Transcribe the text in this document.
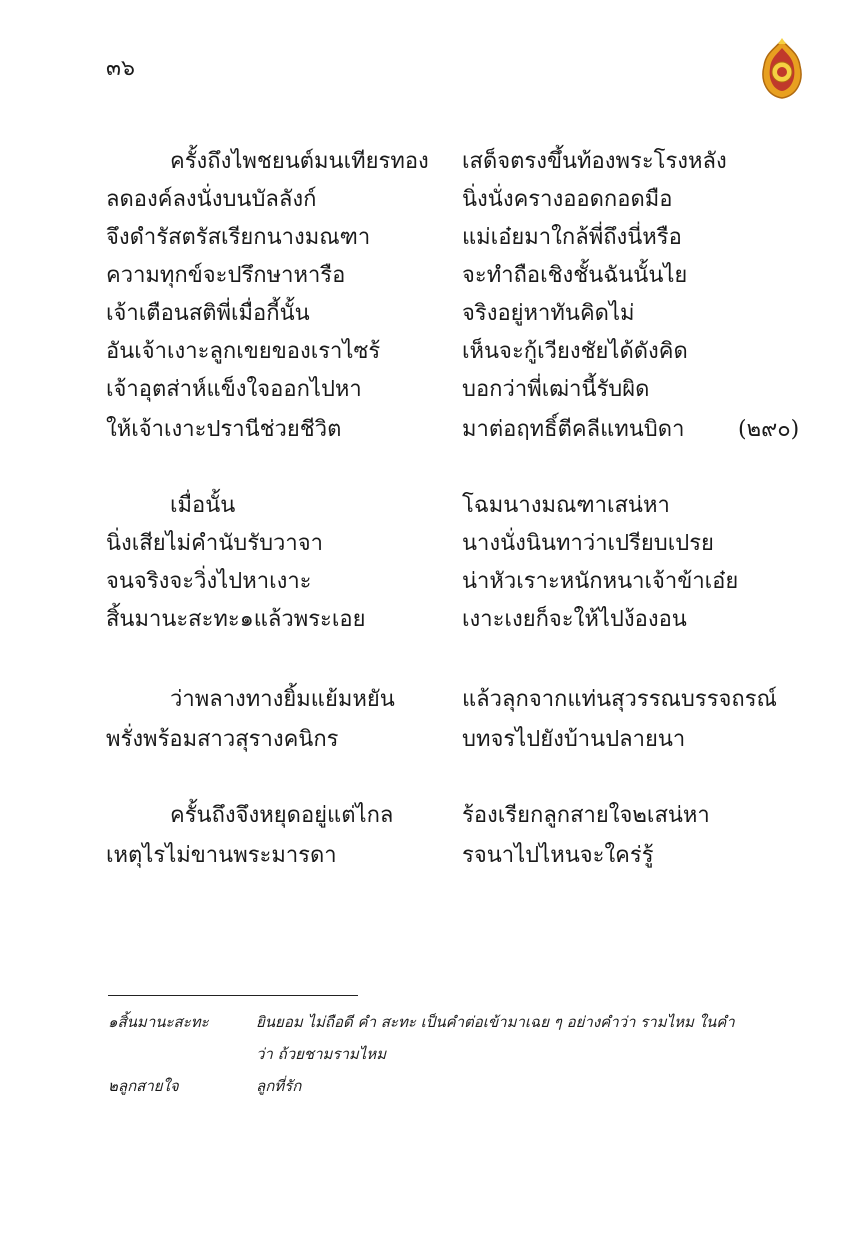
๓๖
ครั้งถึงไพชยนต์มนเทียรทอง เสด็จตรงขึ้นท้องพระโรงหลัง
ลดองค์ลงนั่งบนบัลลังก์	นิ่งนั่งครางออดกอดมือ
จึงดำรัสตรัสเรียกนางมณฑา	แม่เอ๋ยมาใกล้พี่ถึงนี่หรือ
ความทุกข์จะปรึกษาหารือ	จะทำถือเชิงชั้นฉันนั้นไย
เจ้าเตือนสติพี่เมื่อกี้นั้น	จริงอยู่หาทันคิดไม่
อันเจ้าเงาะลูกเขยของเราไซร้	เห็นจะกู้เวียงชัยได้ดังคิด
เจ้าอุตส่าห์แข็งใจออกไปหา	บอกว่าพี่เฒ่านี้รับผิด
ให้เจ้าเงาะปรานีช่วยชีวิต	มาต่อฤทธิ์ตีคลีแทนบิดา (๒๙๐)
เมื่อนั้น	โฉมนางมณฑาเสน่หา
นิ่งเสียไม่คำนับรับวาจา	นางนั่งนินทาว่าเปรียบเปรย
จนจริงจะวิ่งไปหาเงาะ	น่าหัวเราะหนักหนาเจ้าข้าเอ๋ย
สิ้นมานะสะทะ๑แล้วพระเอย	เงาะเงยก็จะให้ไปง้องอน
ว่าพลางทางยิ้มแย้มหยัน	แล้วลุกจากแท่นสุวรรณบรรจถรณ์
พรั่งพร้อมสาวสุรางคนิกร	บทจรไปยังบ้านปลายนา
ครั้นถึงจึงหยุดอยู่แต่ไกล	ร้องเรียกลูกสายใจ๒เสน่หา
เหตุไรไม่ขานพระมารดา	รจนาไปไหนจะใคร่รู้
๑สิ้นมานะสะทะ	ยินยอม ไม่ถือดี คำ สะทะ เป็นคำต่อเข้ามาเฉย ๆ อย่างคำว่า รามไหม ในคำ
ว่า ถ้วยชามรามไหม
๒ลูกสายใจ	ลูกที่รัก
